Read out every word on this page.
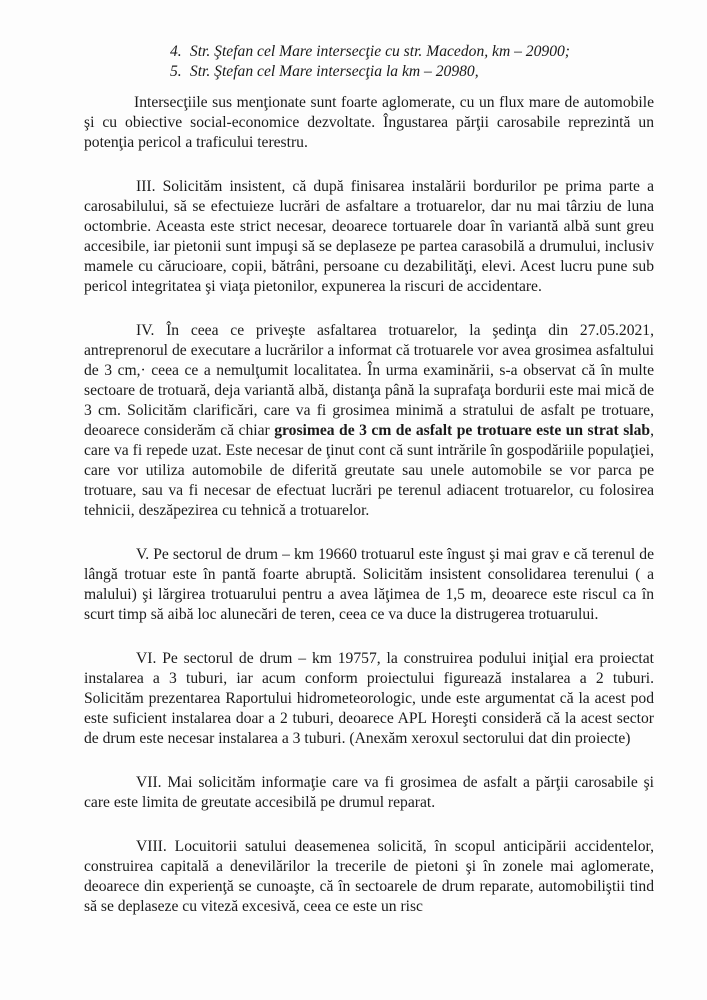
4. Str. Ştefan cel Mare intersecţie cu str. Macedon, km – 20900;
5. Str. Ştefan cel Mare intersecţia la km – 20980,

Intersecţiile sus menţionate sunt foarte aglomerate, cu un flux mare de automobile şi cu obiective social-economice dezvoltate. Îngustarea părţii carosabile reprezintă un potenţia pericol a traficului terestru.

III. Solicităm insistent, că după finisarea instalării bordurilor pe prima parte a carosabilului, să se efectuieze lucrări de asfaltare a trotuarelor, dar nu mai târziu de luna octombrie. Aceasta este strict necesar, deoarece tortuarele doar în variantă albă sunt greu accesibile, iar pietonii sunt impuşi să se deplaseze pe partea carasobilă a drumului, inclusiv mamele cu cărucioare, copii, bătrâni, persoane cu dezabilităţi, elevi. Acest lucru pune sub pericol integritatea şi viaţa pietonilor, expunerea la riscuri de accidentare.

IV. În ceea ce priveşte asfaltarea trotuarelor, la şedinţa din 27.05.2021, antreprenorul de executare a lucrărilor a informat că trotuarele vor avea grosimea asfaltului de 3 cm,· ceea ce a nemulţumit localitatea. În urma examinării, s-a observat că în multe sectoare de trotuară, deja variantă albă, distanţa până la suprafaţa bordurii este mai mică de 3 cm. Solicităm clarificări, care va fi grosimea minimă a stratului de asfalt pe trotuare, deoarece considerăm că chiar grosimea de 3 cm de asfalt pe trotuare este un strat slab, care va fi repede uzat. Este necesar de ţinut cont că sunt intrările în gospodăriile populaţiei, care vor utiliza automobile de diferită greutate sau unele automobile se vor parca pe trotuare, sau va fi necesar de efectuat lucrări pe terenul adiacent trotuarelor, cu folosirea tehnicii, deszăpezirea cu tehnică a trotuarelor.

V. Pe sectorul de drum – km 19660 trotuarul este îngust şi mai grav e că terenul de lângă trotuar este în pantă foarte abruptă. Solicităm insistent consolidarea terenului ( a malului) şi lărgirea trotuarului pentru a avea lăţimea de 1,5 m, deoarece este riscul ca în scurt timp să aibă loc alunecări de teren, ceea ce va duce la distrugerea trotuarului.

VI. Pe sectorul de drum – km 19757, la construirea podului iniţial era proiectat instalarea a 3 tuburi, iar acum conform proiectului figurează instalarea a 2 tuburi. Solicităm prezentarea Raportului hidrometeorologic, unde este argumentat că la acest pod este suficient instalarea doar a 2 tuburi, deoarece APL Horeşti consideră că la acest sector de drum este necesar instalarea a 3 tuburi. (Anexăm xeroxul sectorului dat din proiecte)

VII. Mai solicităm informaţie care va fi grosimea de asfalt a părţii carosabile şi care este limita de greutate accesibilă pe drumul reparat.

VIII. Locuitorii satului deasemenea solicită, în scopul anticipării accidentelor, construirea capitală a denevilărilor la trecerile de pietoni şi în zonele mai aglomerate, deoarece din experienţă se cunoaşte, că în sectoarele de drum reparate, automobiliştii tind să se deplaseze cu viteză excesivă, ceea ce este un risc
